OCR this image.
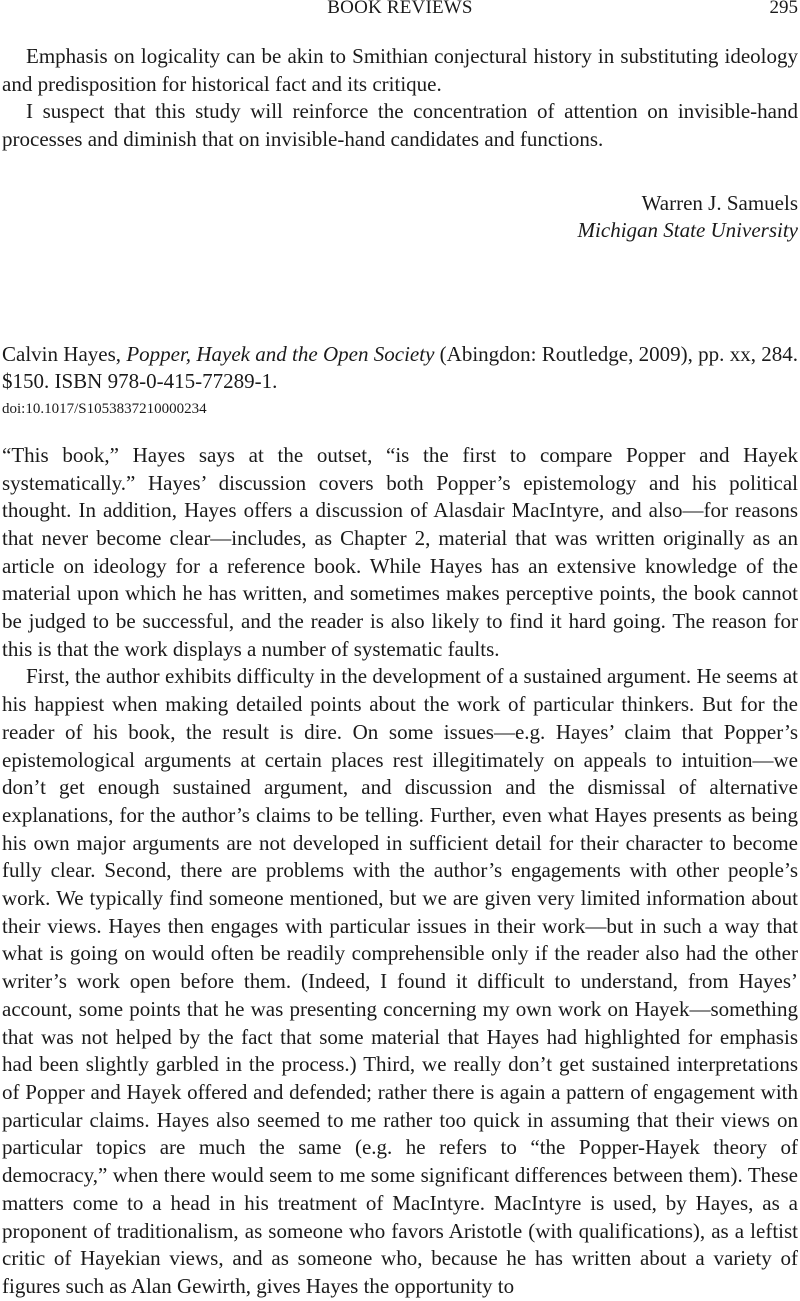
BOOK REVIEWS	295

Emphasis on logicality can be akin to Smithian conjectural history in substituting ideology and predisposition for historical fact and its critique.

I suspect that this study will reinforce the concentration of attention on invisible-hand processes and diminish that on invisible-hand candidates and functions.

Warren J. Samuels
Michigan State University

Calvin Hayes, Popper, Hayek and the Open Society (Abingdon: Routledge, 2009), pp. xx, 284. $150. ISBN 978-0-415-77289-1.

doi:10.1017/S1053837210000234

“This book,” Hayes says at the outset, “is the first to compare Popper and Hayek systematically.” Hayes’ discussion covers both Popper’s epistemology and his political thought. In addition, Hayes offers a discussion of Alasdair MacIntyre, and also—for reasons that never become clear—includes, as Chapter 2, material that was written originally as an article on ideology for a reference book. While Hayes has an extensive knowledge of the material upon which he has written, and sometimes makes perceptive points, the book cannot be judged to be successful, and the reader is also likely to find it hard going. The reason for this is that the work displays a number of systematic faults.

First, the author exhibits difficulty in the development of a sustained argument. He seems at his happiest when making detailed points about the work of particular thinkers. But for the reader of his book, the result is dire. On some issues—e.g. Hayes’ claim that Popper’s epistemological arguments at certain places rest illegitimately on appeals to intuition—we don’t get enough sustained argument, and discussion and the dismissal of alternative explanations, for the author’s claims to be telling. Further, even what Hayes presents as being his own major arguments are not developed in sufficient detail for their character to become fully clear. Second, there are problems with the author’s engagements with other people’s work. We typically find someone mentioned, but we are given very limited information about their views. Hayes then engages with particular issues in their work—but in such a way that what is going on would often be readily comprehensible only if the reader also had the other writer’s work open before them. (Indeed, I found it difficult to understand, from Hayes’ account, some points that he was presenting concerning my own work on Hayek—something that was not helped by the fact that some material that Hayes had highlighted for emphasis had been slightly garbled in the process.) Third, we really don’t get sustained interpretations of Popper and Hayek offered and defended; rather there is again a pattern of engagement with particular claims. Hayes also seemed to me rather too quick in assuming that their views on particular topics are much the same (e.g. he refers to “the Popper-Hayek theory of democracy,” when there would seem to me some significant differences between them). These matters come to a head in his treatment of MacIntyre. MacIntyre is used, by Hayes, as a proponent of traditionalism, as someone who favors Aristotle (with qualifications), as a leftist critic of Hayekian views, and as someone who, because he has written about a variety of figures such as Alan Gewirth, gives Hayes the opportunity to
